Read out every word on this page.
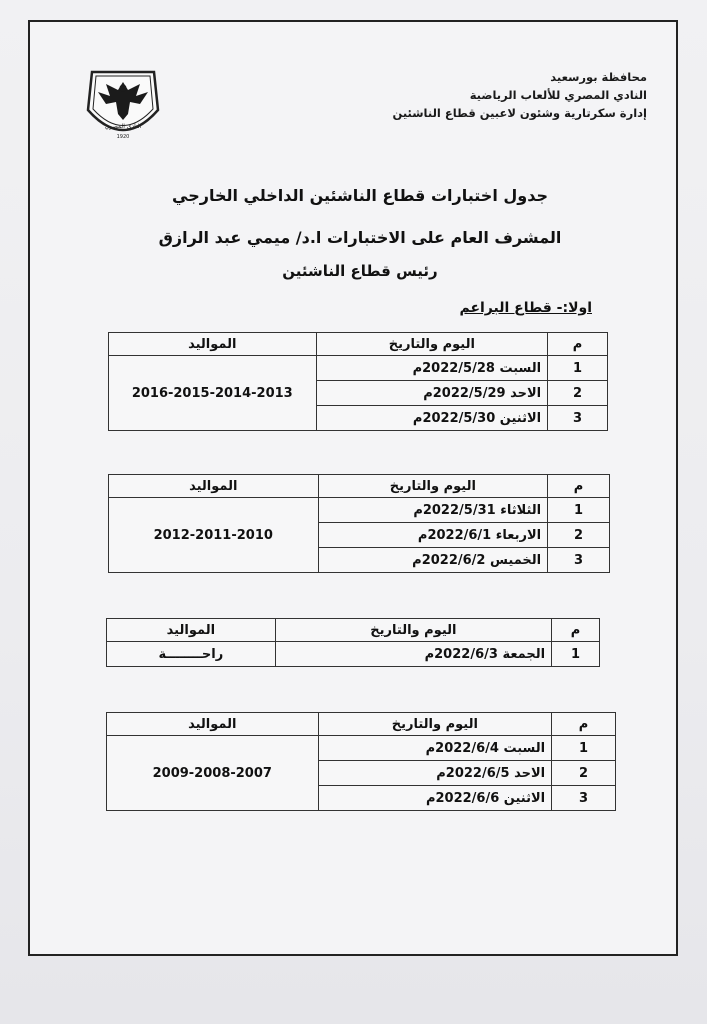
محافظة بورسعيد
النادي المصري للألعاب الرياضية
إدارة سكرتارية وشئون لاعبين قطاع الناشئين
النادي المصري
1920
جدول اختبارات قطاع الناشئين الداخلي الخارجي
المشرف العام على الاختبارات ا.د/ ميمي عبد الرازق
رئيس قطاع الناشئين
اولا:- قطاع البراعم
م	اليوم والتاريخ	المواليد
1	السبت 2022/5/28م	2016-2015-2014-2013
2	الاحد 2022/5/29م	
3	الاثنين 2022/5/30م	
م	اليوم والتاريخ	المواليد
1	الثلاثاء 2022/5/31م	2012-2011-2010
2	الاربعاء 2022/6/1م	
3	الخميس 2022/6/2م	
م	اليوم والتاريخ	المواليد
1	الجمعة 2022/6/3م	راحــــــــة
م	اليوم والتاريخ	المواليد
1	السبت 2022/6/4م	2009-2008-2007
2	الاحد 2022/6/5م	
3	الاثنين 2022/6/6م	
